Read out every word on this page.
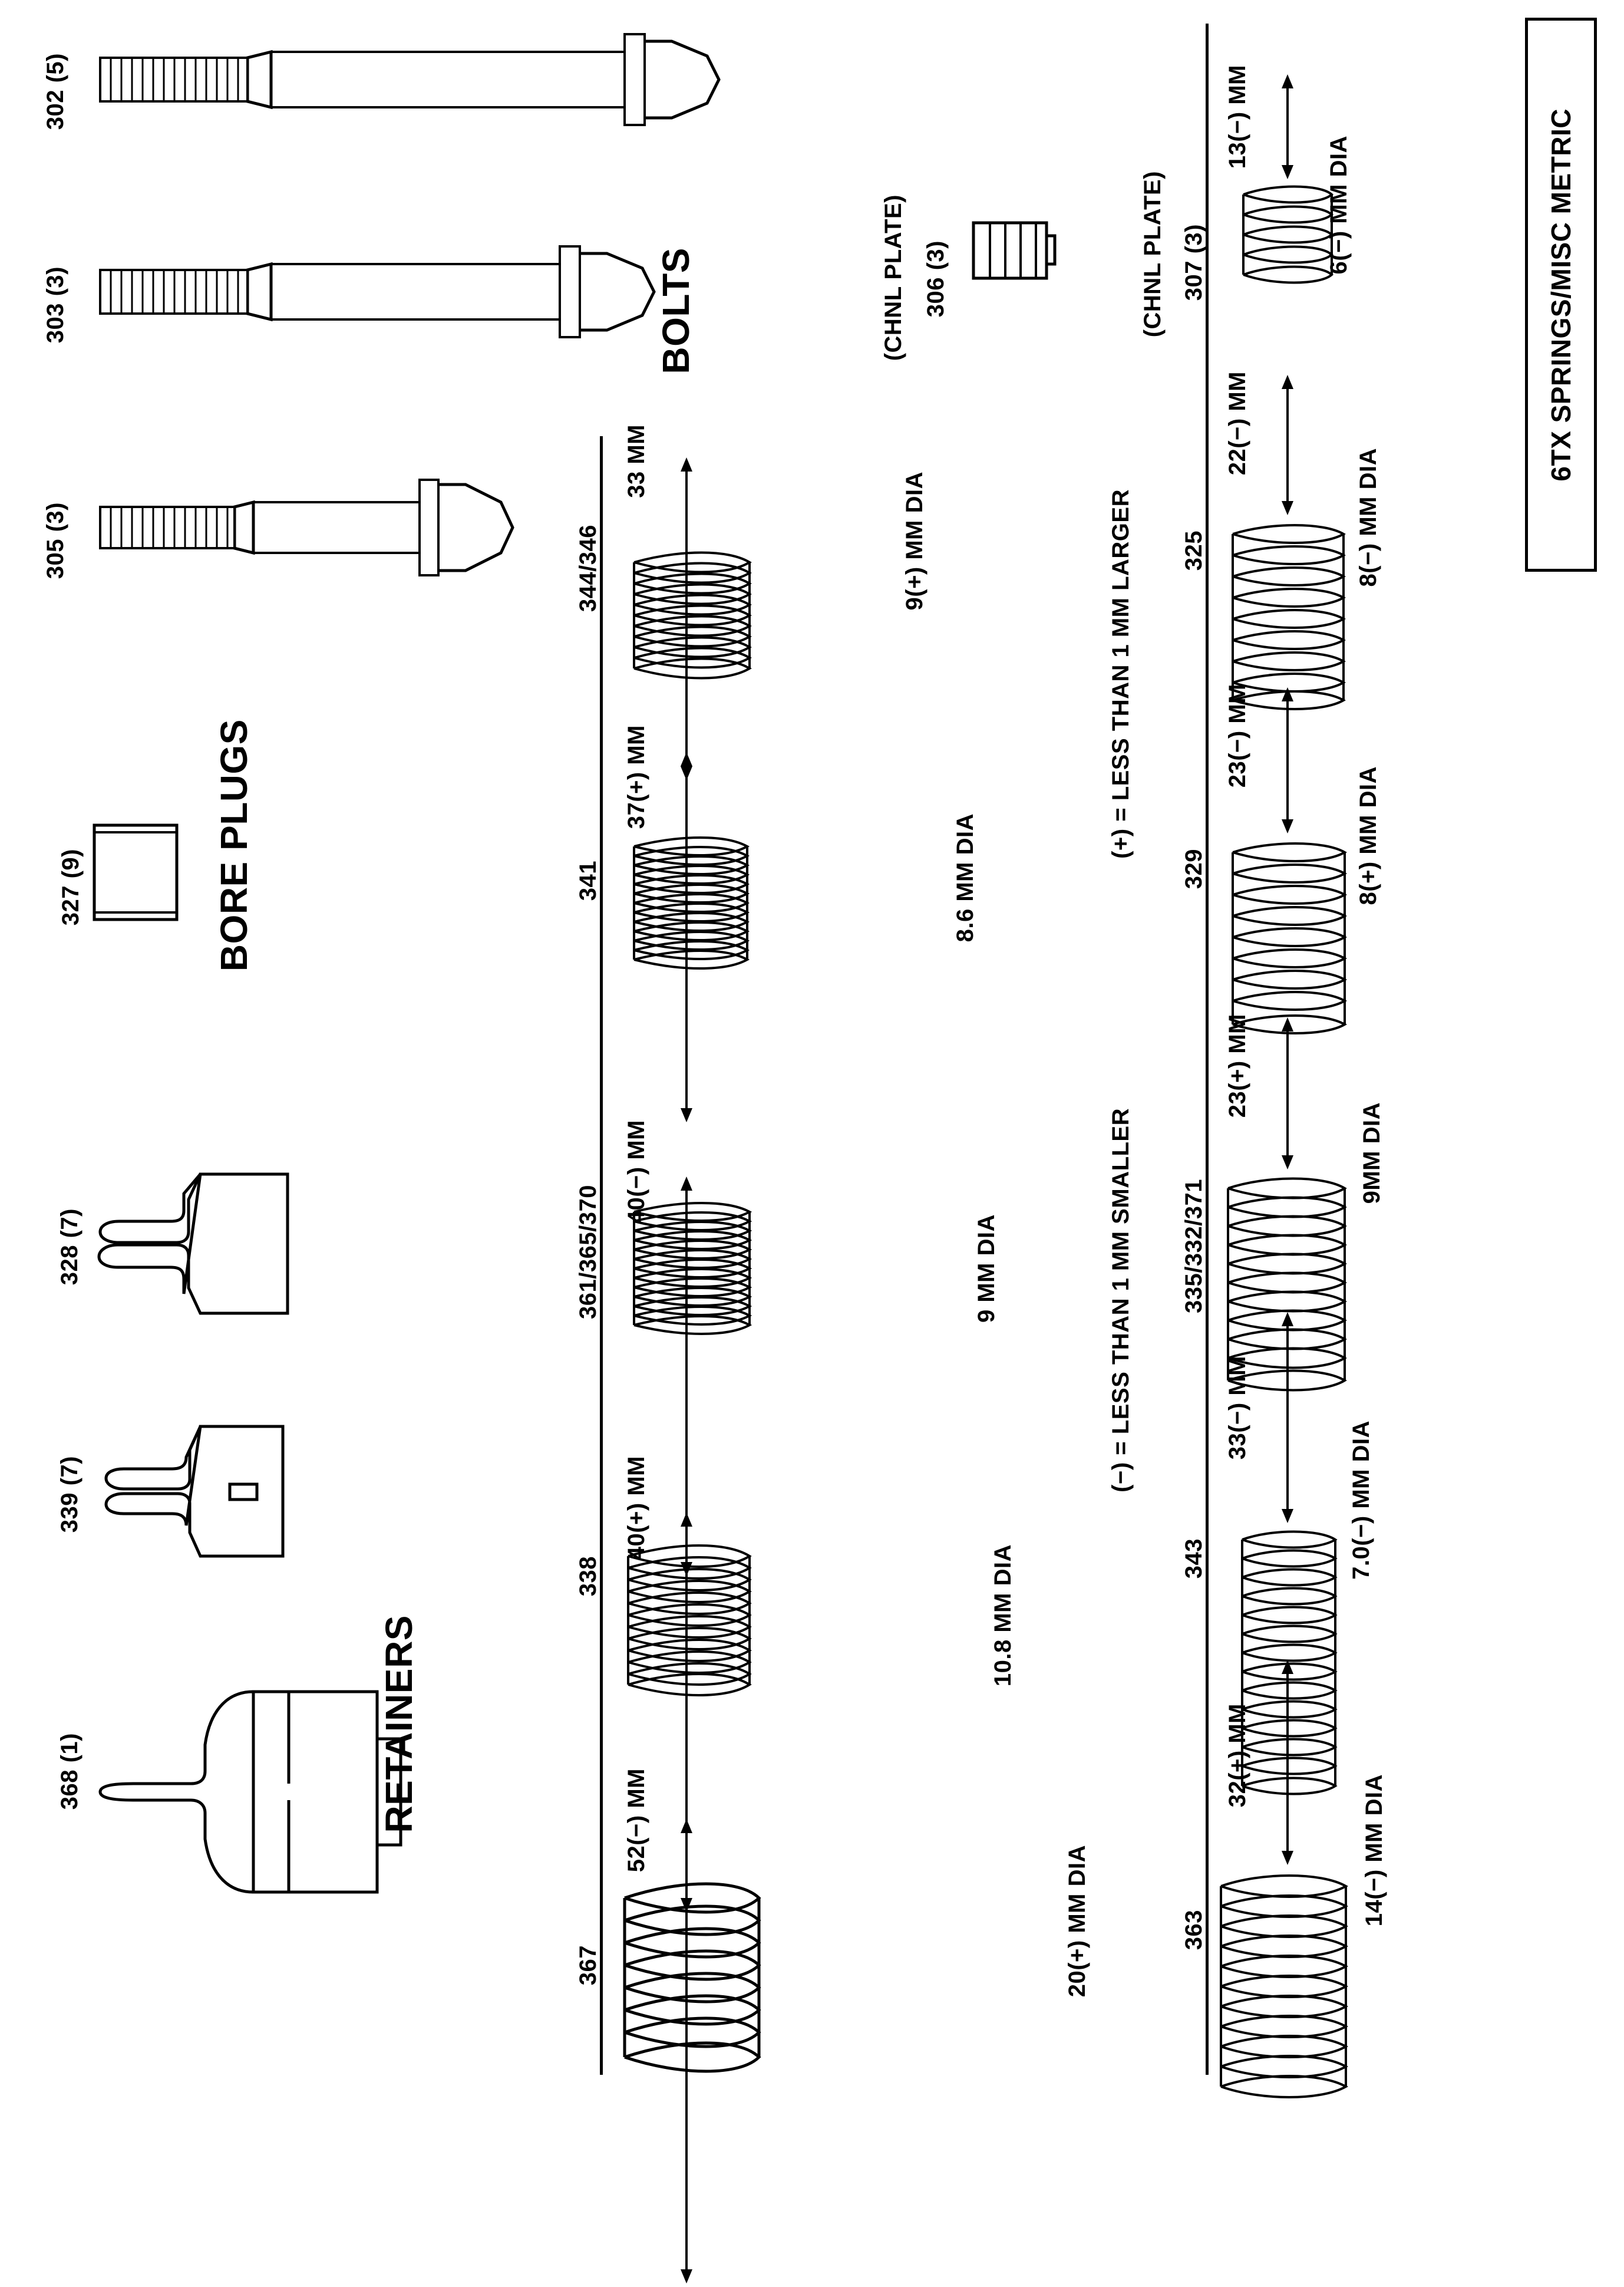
6TX SPRINGS/MISC METRIC
(+) = LESS THAN 1 MM LARGER
(−) = LESS THAN 1 MM SMALLER
BOLTS
BORE PLUGS
RETAINERS
302 (5)
303 (3)
305 (3)
327 (9)
328 (7)
339 (7)
368 (1)
306 (3)
(CHNL PLATE)
13(−) MM
6(−) MM DIA
307 (3)
(CHNL PLATE)
22(−) MM
8(−) MM DIA
325
23(−) MM
8(+) MM DIA
329
23(+) MM
9MM DIA
335/332/371
33(−) MM
7.0(−) MM DIA
343
32(+) MM
14(−) MM DIA
363
33 MM
9(+) MM DIA
344/346
37(+) MM
8.6 MM DIA
341
40(−) MM
9 MM DIA
361/365/370
40(+) MM
10.8 MM DIA
338
52(−) MM
20(+) MM DIA
367
